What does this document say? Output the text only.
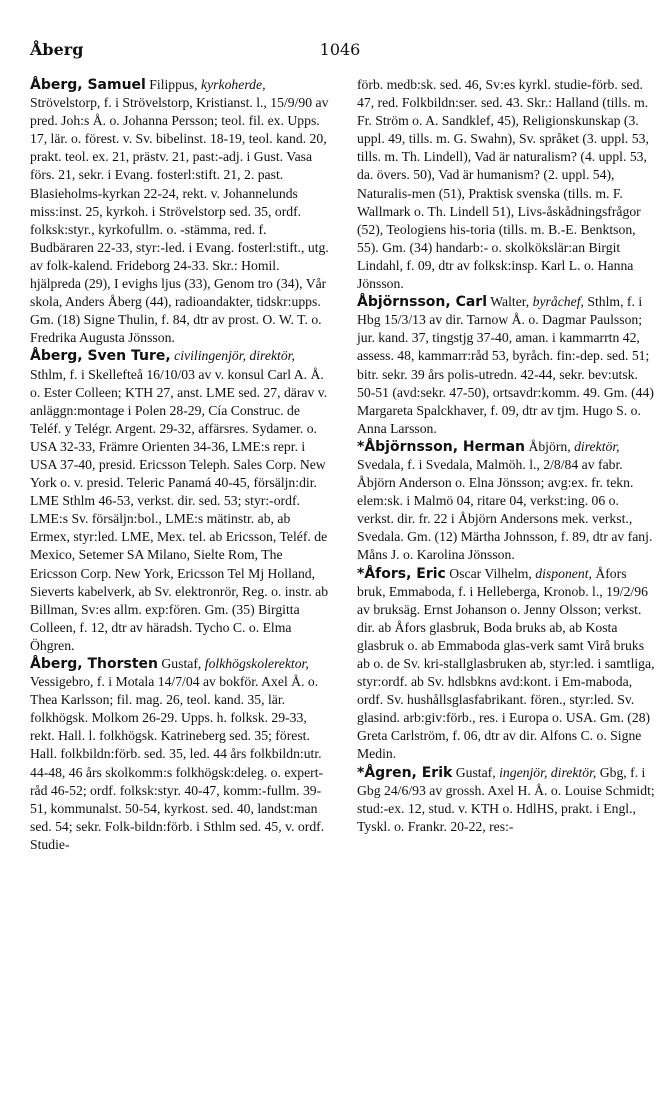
Åberg	1046

Åberg, Samuel Filippus, kyrkoherde, Strövelstorp, f. i Strövelstorp, Kristianst. l., 15/9/90 av pred. Joh:s Å. o. Johanna Persson; teol. fil. ex. Upps. 17, lär. o. förest. v. Sv. bibelinst. 18-19, teol. kand. 20, prakt. teol. ex. 21, prästv. 21, past:-adj. i Gust. Vasa förs. 21, sekr. i Evang. fosterl:stift. 21, 2. past. Blasieholms-kyrkan 22-24, rekt. v. Johannelunds miss:inst. 25, kyrkoh. i Strövelstorp sed. 35, ordf. folksk:styr., kyrkofullm. o. -stämma, red. f. Budbäraren 22-33, styr:-led. i Evang. fosterl:stift., utg. av folk-kalend. Frideborg 24-33. Skr.: Homil. hjälpreda (29), I evighs ljus (33), Genom tro (34), Vår skola, Anders Åberg (44), radioandakter, tidskr:upps. Gm. (18) Signe Thulin, f. 84, dtr av prost. O. W. T. o. Fredrika Augusta Jönsson.

Åberg, Sven Ture, civilingenjör, direktör, Sthlm, f. i Skellefteå 16/10/03 av v. konsul Carl A. Å. o. Ester Colleen; KTH 27, anst. LME sed. 27, därav v. anläggn:montage i Polen 28-29, Cía Construc. de Teléf. y Telégr. Argent. 29-32, affärsres. Sydamer. o. USA 32-33, Främre Orienten 34-36, LME:s repr. i USA 37-40, presid. Ericsson Teleph. Sales Corp. New York o. v. presid. Teleric Panamá 40-45, försäljn:dir. LME Sthlm 46-53, verkst. dir. sed. 53; styr:-ordf. LME:s Sv. försäljn:bol., LME:s mätinstr. ab, ab Ermex, styr:led. LME, Mex. tel. ab Ericsson, Teléf. de Mexico, Setemer SA Milano, Sielte Rom, The Ericsson Corp. New York, Ericsson Tel Mj Holland, Sieverts kabelverk, ab Sv. elektronrör, Reg. o. instr. ab Billman, Sv:es allm. exp:fören. Gm. (35) Birgitta Colleen, f. 12, dtr av häradsh. Tycho C. o. Elma Öhgren.

Åberg, Thorsten Gustaf, folkhögskolerektor, Vessigebro, f. i Motala 14/7/04 av bokför. Axel Å. o. Thea Karlsson; fil. mag. 26, teol. kand. 35, lär. folkhögsk. Molkom 26-29. Upps. h. folksk. 29-33, rekt. Hall. l. folkhögsk. Katrineberg sed. 35; förest. Hall. folkbildn:förb. sed. 35, led. 44 års folkbildn:utr. 44-48, 46 års skolkomm:s folkhögsk:deleg. o. expert-råd 46-52; ordf. folksk:styr. 40-47, komm:-fullm. 39-51, kommunalst. 50-54, kyrkost. sed. 40, landst:man sed. 54; sekr. Folk-bildn:förb. i Sthlm sed. 45, v. ordf. Studie-

förb. medb:sk. sed. 46, Sv:es kyrkl. studie-förb. sed. 47, red. Folkbildn:ser. sed. 43. Skr.: Halland (tills. m. Fr. Ström o. A. Sandklef, 45), Religionskunskap (3. uppl. 49, tills. m. G. Swahn), Sv. språket (3. uppl. 53, tills. m. Th. Lindell), Vad är naturalism? (4. uppl. 53, da. övers. 50), Vad är humanism? (2. uppl. 54), Naturalis-men (51), Praktisk svenska (tills. m. F. Wallmark o. Th. Lindell 51), Livs-åskådningsfrågor (52), Teologiens his-toria (tills. m. B.-E. Benktson, 55). Gm. (34) handarb:- o. skolkökslär:an Birgit Lindahl, f. 09, dtr av folksk:insp. Karl L. o. Hanna Jönsson.

Åbjörnsson, Carl Walter, byråchef, Sthlm, f. i Hbg 15/3/13 av dir. Tarnow Å. o. Dagmar Paulsson; jur. kand. 37, tingstjg 37-40, aman. i kammarrtn 42, assess. 48, kammarr:råd 53, byråch. fin:-dep. sed. 51; bitr. sekr. 39 års polis-utredn. 42-44, sekr. bev:utsk. 50-51 (avd:sekr. 47-50), ortsavdr:komm. 49. Gm. (44) Margareta Spalckhaver, f. 09, dtr av tjm. Hugo S. o. Anna Larsson.

*Åbjörnsson, Herman Åbjörn, direktör, Svedala, f. i Svedala, Malmöh. l., 2/8/84 av fabr. Åbjörn Anderson o. Elna Jönsson; avg:ex. fr. tekn. elem:sk. i Malmö 04, ritare 04, verkst:ing. 06 o. verkst. dir. fr. 22 i Åbjörn Andersons mek. verkst., Svedala. Gm. (12) Märtha Johnsson, f. 89, dtr av fanj. Måns J. o. Karolina Jönsson.

*Åfors, Eric Oscar Vilhelm, disponent, Åfors bruk, Emmaboda, f. i Helleberga, Kronob. l., 19/2/96 av bruksäg. Ernst Johanson o. Jenny Olsson; verkst. dir. ab Åfors glasbruk, Boda bruks ab, ab Kosta glasbruk o. ab Emmaboda glas-verk samt Virå bruks ab o. de Sv. kri-stallglasbruken ab, styr:led. i samtliga, styr:ordf. ab Sv. hdlsbkns avd:kont. i Em-maboda, ordf. Sv. hushållsglasfabrikant. fören., styr:led. Sv. glasind. arb:giv:förb., res. i Europa o. USA. Gm. (28) Greta Carlström, f. 06, dtr av dir. Alfons C. o. Signe Medin.

*Ågren, Erik Gustaf, ingenjör, direktör, Gbg, f. i Gbg 24/6/93 av grossh. Axel H. Å. o. Louise Schmidt; stud:-ex. 12, stud. v. KTH o. HdlHS, prakt. i Engl., Tyskl. o. Frankr. 20-22, res:-
